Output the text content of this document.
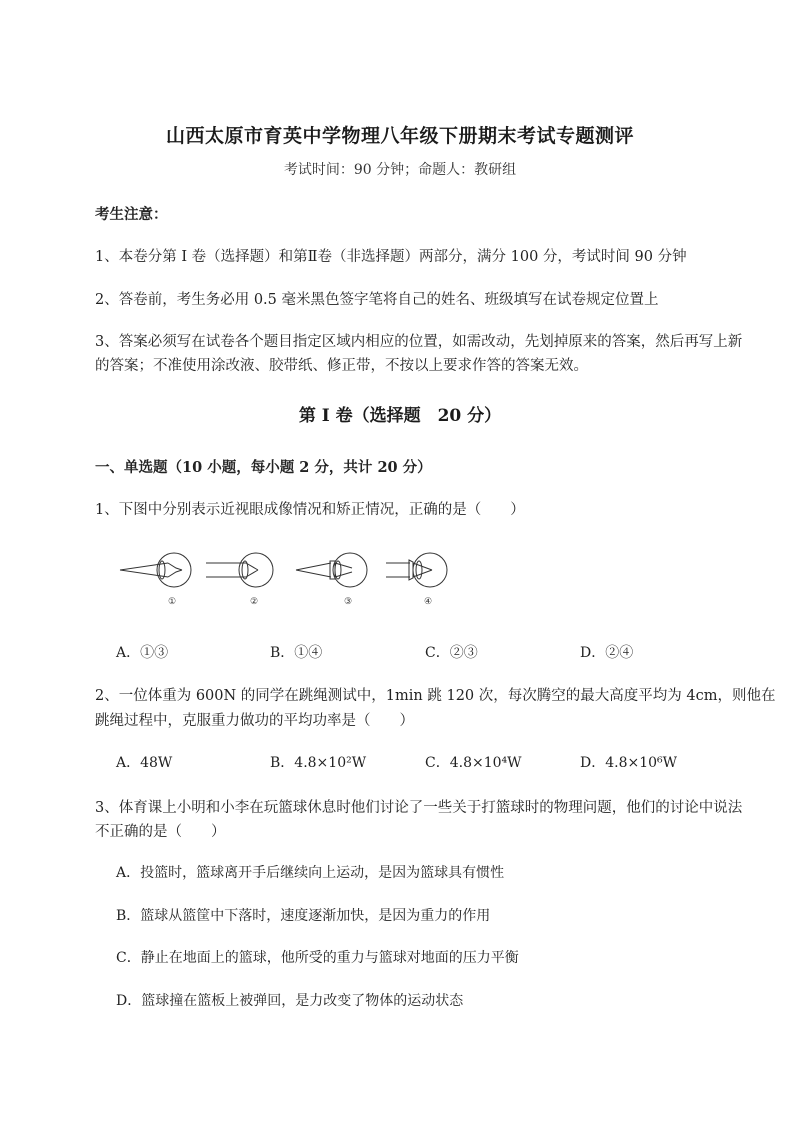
山西太原市育英中学物理八年级下册期末考试专题测评
考试时间：90 分钟；命题人：教研组
考生注意：
1、本卷分第 I 卷（选择题）和第Ⅱ卷（非选择题）两部分，满分 100 分，考试时间 90 分钟
2、答卷前，考生务必用 0.5 毫米黑色签字笔将自己的姓名、班级填写在试卷规定位置上
3、答案必须写在试卷各个题目指定区域内相应的位置，如需改动，先划掉原来的答案，然后再写上新
的答案；不准使用涂改液、胶带纸、修正带，不按以上要求作答的答案无效。
第 I 卷（选择题　20 分）
一、单选题（10 小题，每小题 2 分，共计 20 分）
1、下图中分别表示近视眼成像情况和矫正情况，正确的是（　　）
①	②	③	④
A．①③	B．①④	C．②③	D．②④
2、一位体重为 600N 的同学在跳绳测试中，1min 跳 120 次，每次腾空的最大高度平均为 4cm，则他在
跳绳过程中，克服重力做功的平均功率是（　　）
A．48W	B．4.8×10²W	C．4.8×10⁴W	D．4.8×10⁶W
3、体育课上小明和小李在玩篮球休息时他们讨论了一些关于打篮球时的物理问题，他们的讨论中说法
不正确的是（　　）
A．投篮时，篮球离开手后继续向上运动，是因为篮球具有惯性
B．篮球从篮筐中下落时，速度逐渐加快，是因为重力的作用
C．静止在地面上的篮球，他所受的重力与篮球对地面的压力平衡
D．篮球撞在篮板上被弹回，是力改变了物体的运动状态
